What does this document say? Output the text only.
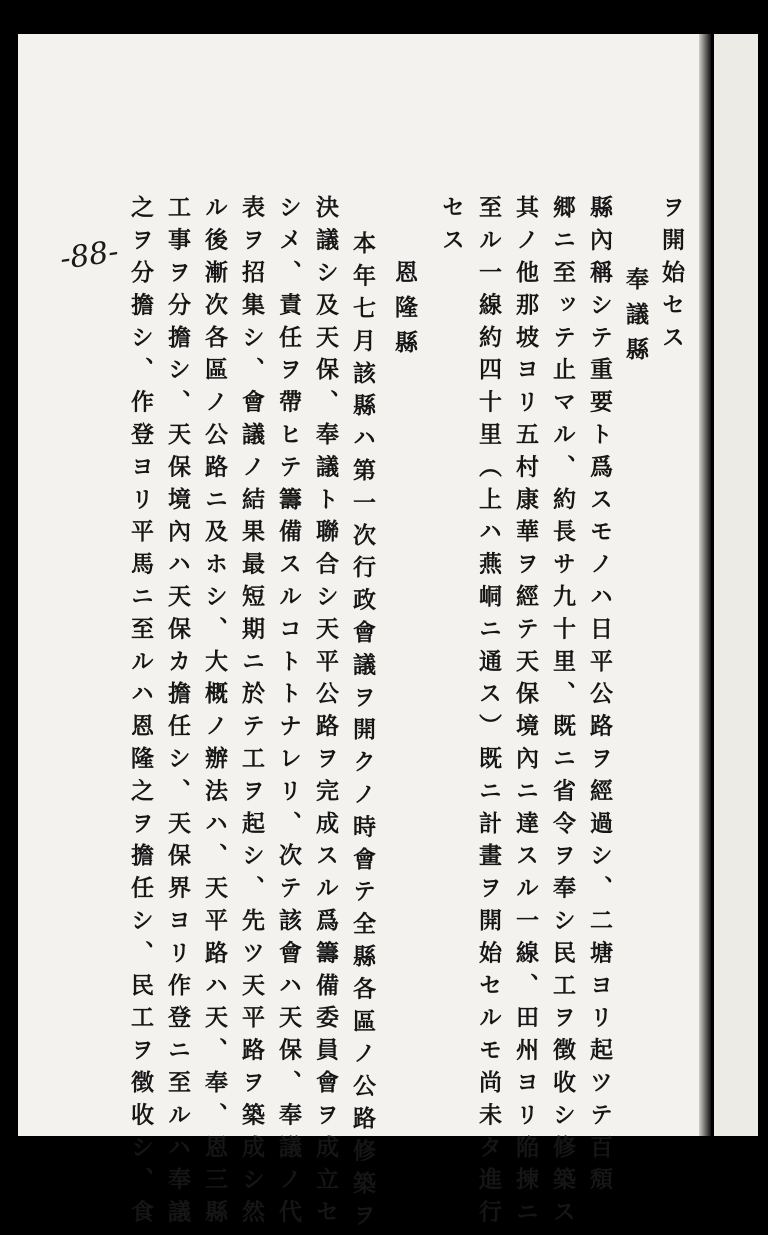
-88-	ヲ開始セス
奉議縣
縣內稱シテ重要ト爲スモノハ日平公路ヲ經過シ、二塘ヨリ起ツテ百頽
郷ニ至ッテ止マル、約長サ九十里、既ニ省令ヲ奉シ民工ヲ徴收シ修築ス
其ノ他那坡ヨリ五村康華ヲ經テ天保境內ニ達スル一線、田州ヨリ陥揀ニ
至ル一線約四十里（上ハ燕峒ニ通ス）既ニ計畫ヲ開始セルモ尚未タ進行
セス
恩隆縣
本年七月該縣ハ第一次行政會議ヲ開クノ時會テ全縣各區ノ公路修築ヲ
決議シ及天保、奉議ト聯合シ天平公路ヲ完成スル爲籌備委員會ヲ成立セ
シメ、責任ヲ帶ヒテ籌備スルコトトナレリ、次テ該會ハ天保、奉議ノ代
表ヲ招集シ、會議ノ結果最短期ニ於テ工ヲ起シ、先ツ天平路ヲ築成シ然
ル後漸次各區ノ公路ニ及ホシ、大概ノ辦法ハ、天平路ハ天、奉、恩三縣
工事ヲ分擔シ、天保境內ハ天保カ擔任シ、天保界ヨリ作登ニ至ルハ奉議
之ヲ分擔シ、作登ヨリ平馬ニ至ルハ恩隆之ヲ擔任シ、民工ヲ徴收シ、食
